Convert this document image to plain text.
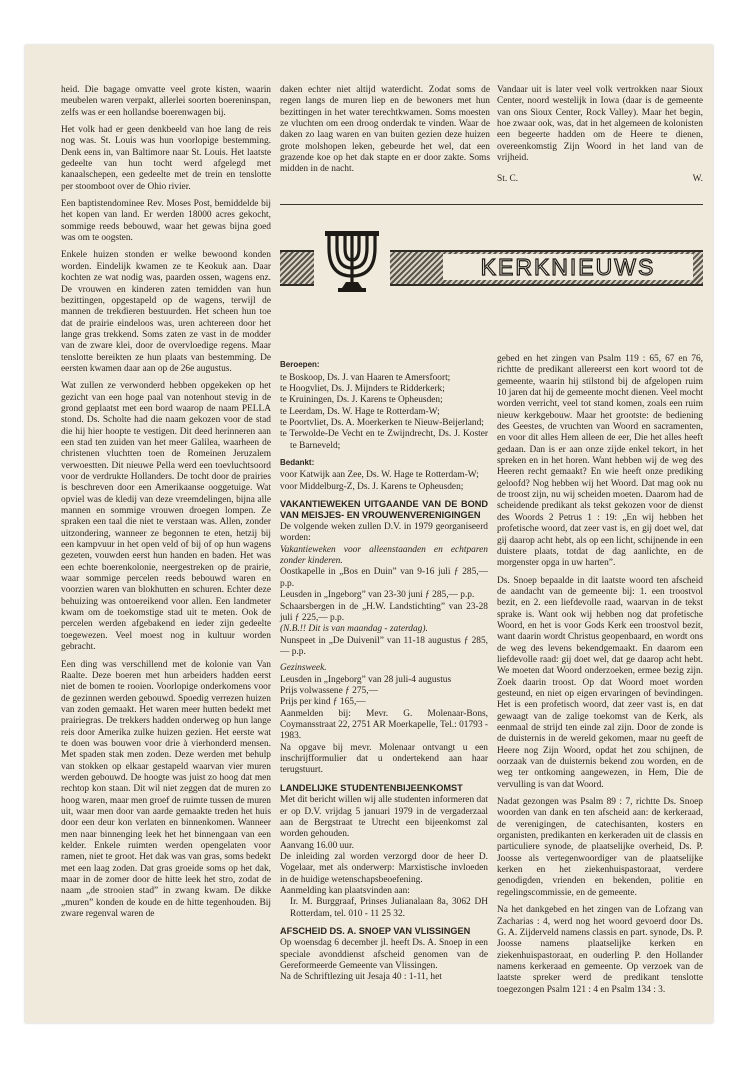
heid. Die bagage omvatte veel grote kisten, waarin meubelen waren verpakt, allerlei soorten boereninspan, zelfs was er een hollandse boerenwagen bij.

Het volk had er geen denkbeeld van hoe lang de reis nog was. St. Louis was hun voorlopige bestemming. Denk eens in, van Baltimore naar St. Louis. Het laatste gedeelte van hun tocht werd afgelegd met kanaalschepen, een gedeelte met de trein en tenslotte per stoomboot over de Ohio rivier.

Een baptistendominee Rev. Moses Post, bemiddelde bij het kopen van land. Er werden 18000 acres gekocht, sommige reeds bebouwd, waar het gewas bijna goed was om te oogsten.

Enkele huizen stonden er welke bewoond konden worden. Eindelijk kwamen ze te Keokuk aan. Daar kochten ze wat nodig was, paarden ossen, wagens enz. De vrouwen en kinderen zaten temidden van hun bezittingen, opgestapeld op de wagens, terwijl de mannen de trekdieren bestuurden. Het scheen hun toe dat de prairie eindeloos was, uren achtereen door het lange gras trekkend. Soms zaten ze vast in de modder van de zware klei, door de overvloedige regens. Maar tenslotte bereikten ze hun plaats van bestemming. De eersten kwamen daar aan op de 26e augustus.

Wat zullen ze verwonderd hebben opgekeken op het gezicht van een hoge paal van notenhout stevig in de grond geplaatst met een bord waarop de naam PELLA stond. Ds. Scholte had die naam gekozen voor de stad die hij hier hoopte te vestigen. Dit deed herinneren aan een stad ten zuiden van het meer Galilea, waarheen de christenen vluchtten toen de Romeinen Jeruzalem verwoestten. Dit nieuwe Pella werd een toevluchtsoord voor de verdrukte Hollanders. De tocht door de prairies is beschreven door een Amerikaanse ooggetuige. Wat opviel was de kledij van deze vreemdelingen, bijna alle mannen en sommige vrouwen droegen lompen. Ze spraken een taal die niet te verstaan was. Allen, zonder uitzondering, wanneer ze begonnen te eten, hetzij bij een kampvuur in het open veld of bij of op hun wagens gezeten, vouwden eerst hun handen en baden. Het was een echte boerenkolonie, neergestreken op de prairie, waar sommige percelen reeds bebouwd waren en voorzien waren van blokhutten en schuren. Echter deze behuizing was ontoereikend voor allen. Een landmeter kwam om de toekomstige stad uit te meten. Ook de percelen werden afgebakend en ieder zijn gedeelte toegewezen. Veel moest nog in kultuur worden gebracht.

Een ding was verschillend met de kolonie van Van Raalte. Deze boeren met hun arbeiders hadden eerst niet de bomen te rooien. Voorlopige onderkomens voor de gezinnen werden gebouwd. Spoedig verrezen huizen van zoden gemaakt. Het waren meer hutten bedekt met prairiegras. De trekkers hadden onderweg op hun lange reis door Amerika zulke huizen gezien. Het eerste wat te doen was bouwen voor drie à vierhonderd mensen. Met spaden stak men zoden. Deze werden met behulp van stokken op elkaar gestapeld waarvan vier muren werden gebouwd. De hoogte was juist zo hoog dat men rechtop kon staan. Dit wil niet zeggen dat de muren zo hoog waren, maar men groef de ruimte tussen de muren uit, waar men door van aarde gemaakte treden het huis door een deur kon verlaten en binnenkomen. Wanneer men naar binnenging leek het het binnengaan van een kelder. Enkele ruimten werden opengelaten voor ramen, niet te groot. Het dak was van gras, soms bedekt met een laag zoden. Dat gras groeide soms op het dak, maar in de zomer door de hitte leek het stro, zodat de naam „de strooien stad” in zwang kwam. De dikke „muren” konden de koude en de hitte tegenhouden. Bij zware regenval waren de

daken echter niet altijd waterdicht. Zodat soms de regen langs de muren liep en de bewoners met hun bezittingen in het water terechtkwamen. Soms moesten ze vluchten om een droog onderdak te vinden. Waar de daken zo laag waren en van buiten gezien deze huizen grote molshopen leken, gebeurde het wel, dat een grazende koe op het dak stapte en er door zakte. Soms midden in de nacht.

Vandaar uit is later veel volk vertrokken naar Sioux Center, noord westelijk in Iowa (daar is de gemeente van ons Sioux Center, Rock Valley). Maar het begin, hoe zwaar ook, was, dat in het algemeen de kolonisten een begeerte hadden om de Heere te dienen, overeenkomstig Zijn Woord in het land van de vrijheid.

St. C.	W.
KERKNIEUWS
Beroepen:
te Boskoop, Ds. J. van Haaren te Amersfoort;
te Hoogvliet, Ds. J. Mijnders te Ridderkerk;
te Kruiningen, Ds. J. Karens te Opheusden;
te Leerdam, Ds. W. Hage te Rotterdam-W;
te Poortvliet, Ds. A. Moerkerken te Nieuw-Beijerland;
te Terwolde-De Vecht en te Zwijndrecht, Ds. J. Koster te Barneveld;
Bedankt:
voor Katwijk aan Zee, Ds. W. Hage te Rotterdam-W;
voor Middelburg-Z, Ds. J. Karens te Opheusden;
VAKANTIEWEKEN UITGAANDE VAN DE BOND VAN MEISJES- EN VROUWENVERENIGINGEN
De volgende weken zullen D.V. in 1979 georganiseerd worden:
Vakantieweken voor alleenstaanden en echtparen zonder kinderen.
Oostkapelle in „Bos en Duin” van 9-16 juli ƒ 285,— p.p.
Leusden in „Ingeborg” van 23-30 juni ƒ 285,— p.p.
Schaarsbergen in de „H.W. Landstichting” van 23-28 juli ƒ 225,— p.p.
(N.B.!! Dit is van maandag - zaterdag).
Nunspeet in „De Duivenil” van 11-18 augustus ƒ 285,— p.p.
Gezinsweek.
Leusden in „Ingeborg” van 28 juli-4 augustus
Prijs volwassene ƒ 275,—
Prijs per kind ƒ 165,—
Aanmelden bij: Mevr. G. Molenaar-Bons, Coymansstraat 22, 2751 AR Moerkapelle, Tel.: 01793 - 1983.
Na opgave bij mevr. Molenaar ontvangt u een inschrijfformulier dat u ondertekend aan haar terugstuurt.
LANDELIJKE STUDENTENBIJEENKOMST
Met dit bericht willen wij alle studenten informeren dat er op D.V. vrijdag 5 januari 1979 in de vergaderzaal aan de Bergstraat te Utrecht een bijeenkomst zal worden gehouden.
Aanvang 16.00 uur.
De inleiding zal worden verzorgd door de heer D. Vogelaar, met als onderwerp: Marxistische invloeden in de huidige wetenschapsbeoefening.
Aanmelding kan plaatsvinden aan:
Ir. M. Burggraaf, Prinses Julianalaan 8a, 3062 DH Rotterdam, tel. 010 - 11 25 32.
AFSCHEID DS. A. SNOEP VAN VLISSINGEN
Op woensdag 6 december jl. heeft Ds. A. Snoep in een speciale avonddienst afscheid genomen van de Gereformeerde Gemeente van Vlissingen.
Na de Schriftlezing uit Jesaja 40 : 1-11, het

gebed en het zingen van Psalm 119 : 65, 67 en 76, richtte de predikant allereerst een kort woord tot de gemeente, waarin hij stilstond bij de afgelopen ruim 10 jaren dat hij de gemeente mocht dienen. Veel mocht worden verricht, veel tot stand komen, zoals een ruim nieuw kerkgebouw. Maar het grootste: de bediening des Geestes, de vruchten van Woord en sacramenten, en voor dit alles Hem alleen de eer, Die het alles heeft gedaan. Dan is er aan onze zijde enkel tekort, in het spreken en in het horen. Want hebben wij de weg des Heeren recht gemaakt? En wie heeft onze prediking geloofd? Nog hebben wij het Woord. Dat mag ook nu de troost zijn, nu wij scheiden moeten. Daarom had de scheidende predikant als tekst gekozen voor de dienst des Woords 2 Petrus 1 : 19: „En wij hebben het profetische woord, dat zeer vast is, en gij doet wel, dat gij daarop acht hebt, als op een licht, schijnende in een duistere plaats, totdat de dag aanlichte, en de morgenster opga in uw harten”.

Ds. Snoep bepaalde in dit laatste woord ten afscheid de aandacht van de gemeente bij: 1. een troostvol bezit, en 2. een liefdevolle raad, waarvan in de tekst sprake is. Want ook wij hebben nog dat profetische Woord, en het is voor Gods Kerk een troostvol bezit, want daarin wordt Christus geopenbaard, en wordt ons de weg des levens bekendgemaakt. En daarom een liefdevolle raad: gij doet wel, dat ge daarop acht hebt. We moeten dat Woord onderzoeken, ermee bezig zijn. Zoek daarin troost. Op dat Woord moet worden gesteund, en niet op eigen ervaringen of bevindingen. Het is een profetisch woord, dat zeer vast is, en dat gewaagt van de zalige toekomst van de Kerk, als eenmaal de strijd ten einde zal zijn. Door de zonde is de duisternis in de wereld gekomen, maar nu geeft de Heere nog Zijn Woord, opdat het zou schijnen, de oorzaak van de duisternis bekend zou worden, en de weg ter ontkoming aangewezen, in Hem, Die de vervulling is van dat Woord.

Nadat gezongen was Psalm 89 : 7, richtte Ds. Snoep woorden van dank en ten afscheid aan: de kerkeraad, de verenigingen, de catechisanten, kosters en organisten, predikanten en kerkeraden uit de classis en particuliere synode, de plaatselijke overheid, Ds. P. Joosse als vertegenwoordiger van de plaatselijke kerken en het ziekenhuispastoraat, verdere genodigden, vrienden en bekenden, politie en regelingscommissie, en de gemeente.

Na het dankgebed en het zingen van de Lofzang van Zacharias : 4, werd nog het woord gevoerd door Ds. G. A. Zijderveld namens classis en part. synode, Ds. P. Joosse namens plaatselijke kerken en ziekenhuispastoraat, en ouderling P. den Hollander namens kerkeraad en gemeente. Op verzoek van de laatste spreker werd de predikant tenslotte toegezongen Psalm 121 : 4 en Psalm 134 : 3.
